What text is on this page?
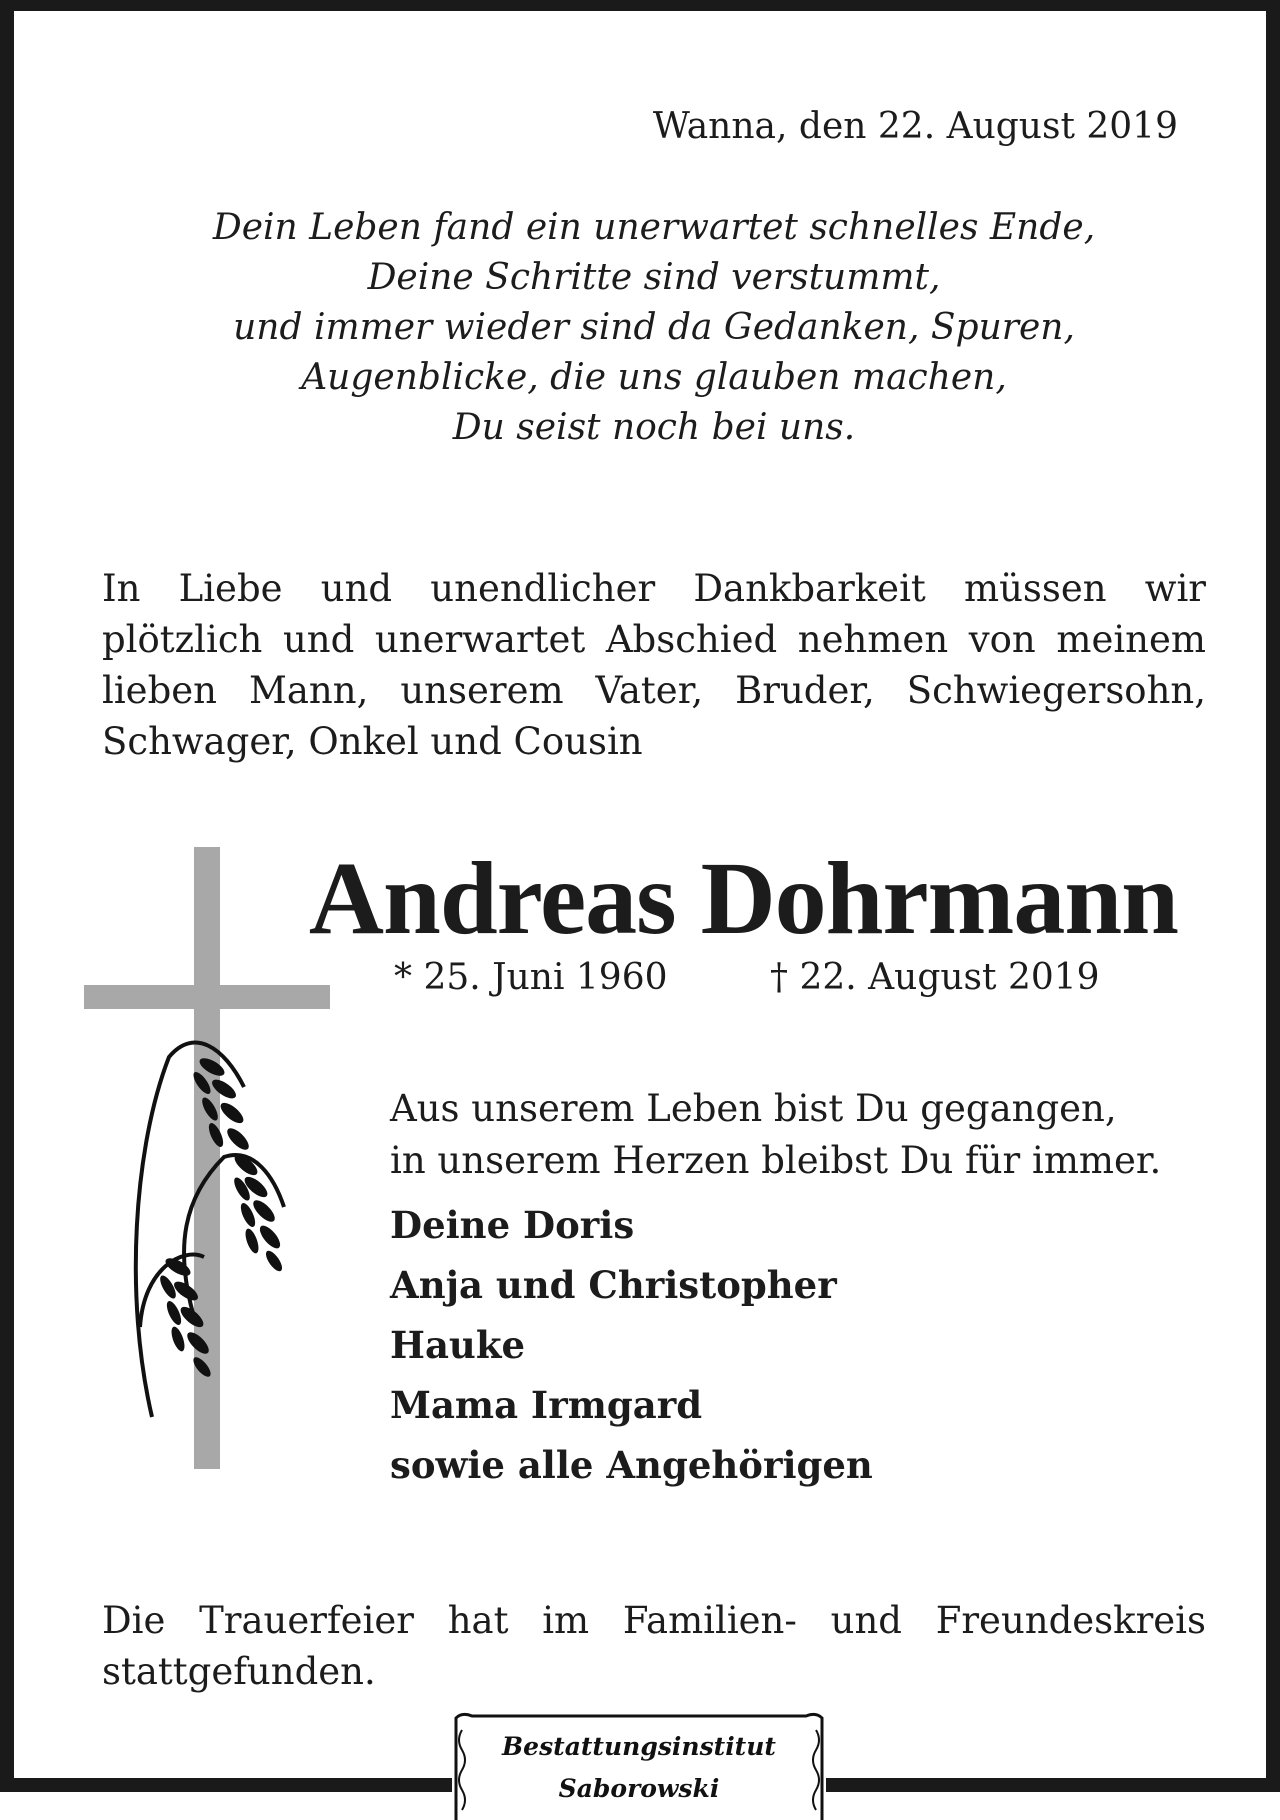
Wanna, den 22. August 2019
Dein Leben fand ein unerwartet schnelles Ende,
Deine Schritte sind verstummt,
und immer wieder sind da Gedanken, Spuren,
Augenblicke, die uns glauben machen,
Du seist noch bei uns.
In Liebe und unendlicher Dankbarkeit müssen wir
plötzlich und unerwartet Abschied nehmen von meinem
lieben Mann, unserem Vater, Bruder, Schwiegersohn,
Schwager, Onkel und Cousin
Andreas Dohrmann
* 25. Juni 1960	† 22. August 2019
Aus unserem Leben bist Du gegangen,
in unserem Herzen bleibst Du für immer.
Deine Doris
Anja und Christopher
Hauke
Mama Irmgard
sowie alle Angehörigen
Die Trauerfeier hat im Familien- und Freundeskreis
stattgefunden.
Bestattungsinstitut
Saborowski
